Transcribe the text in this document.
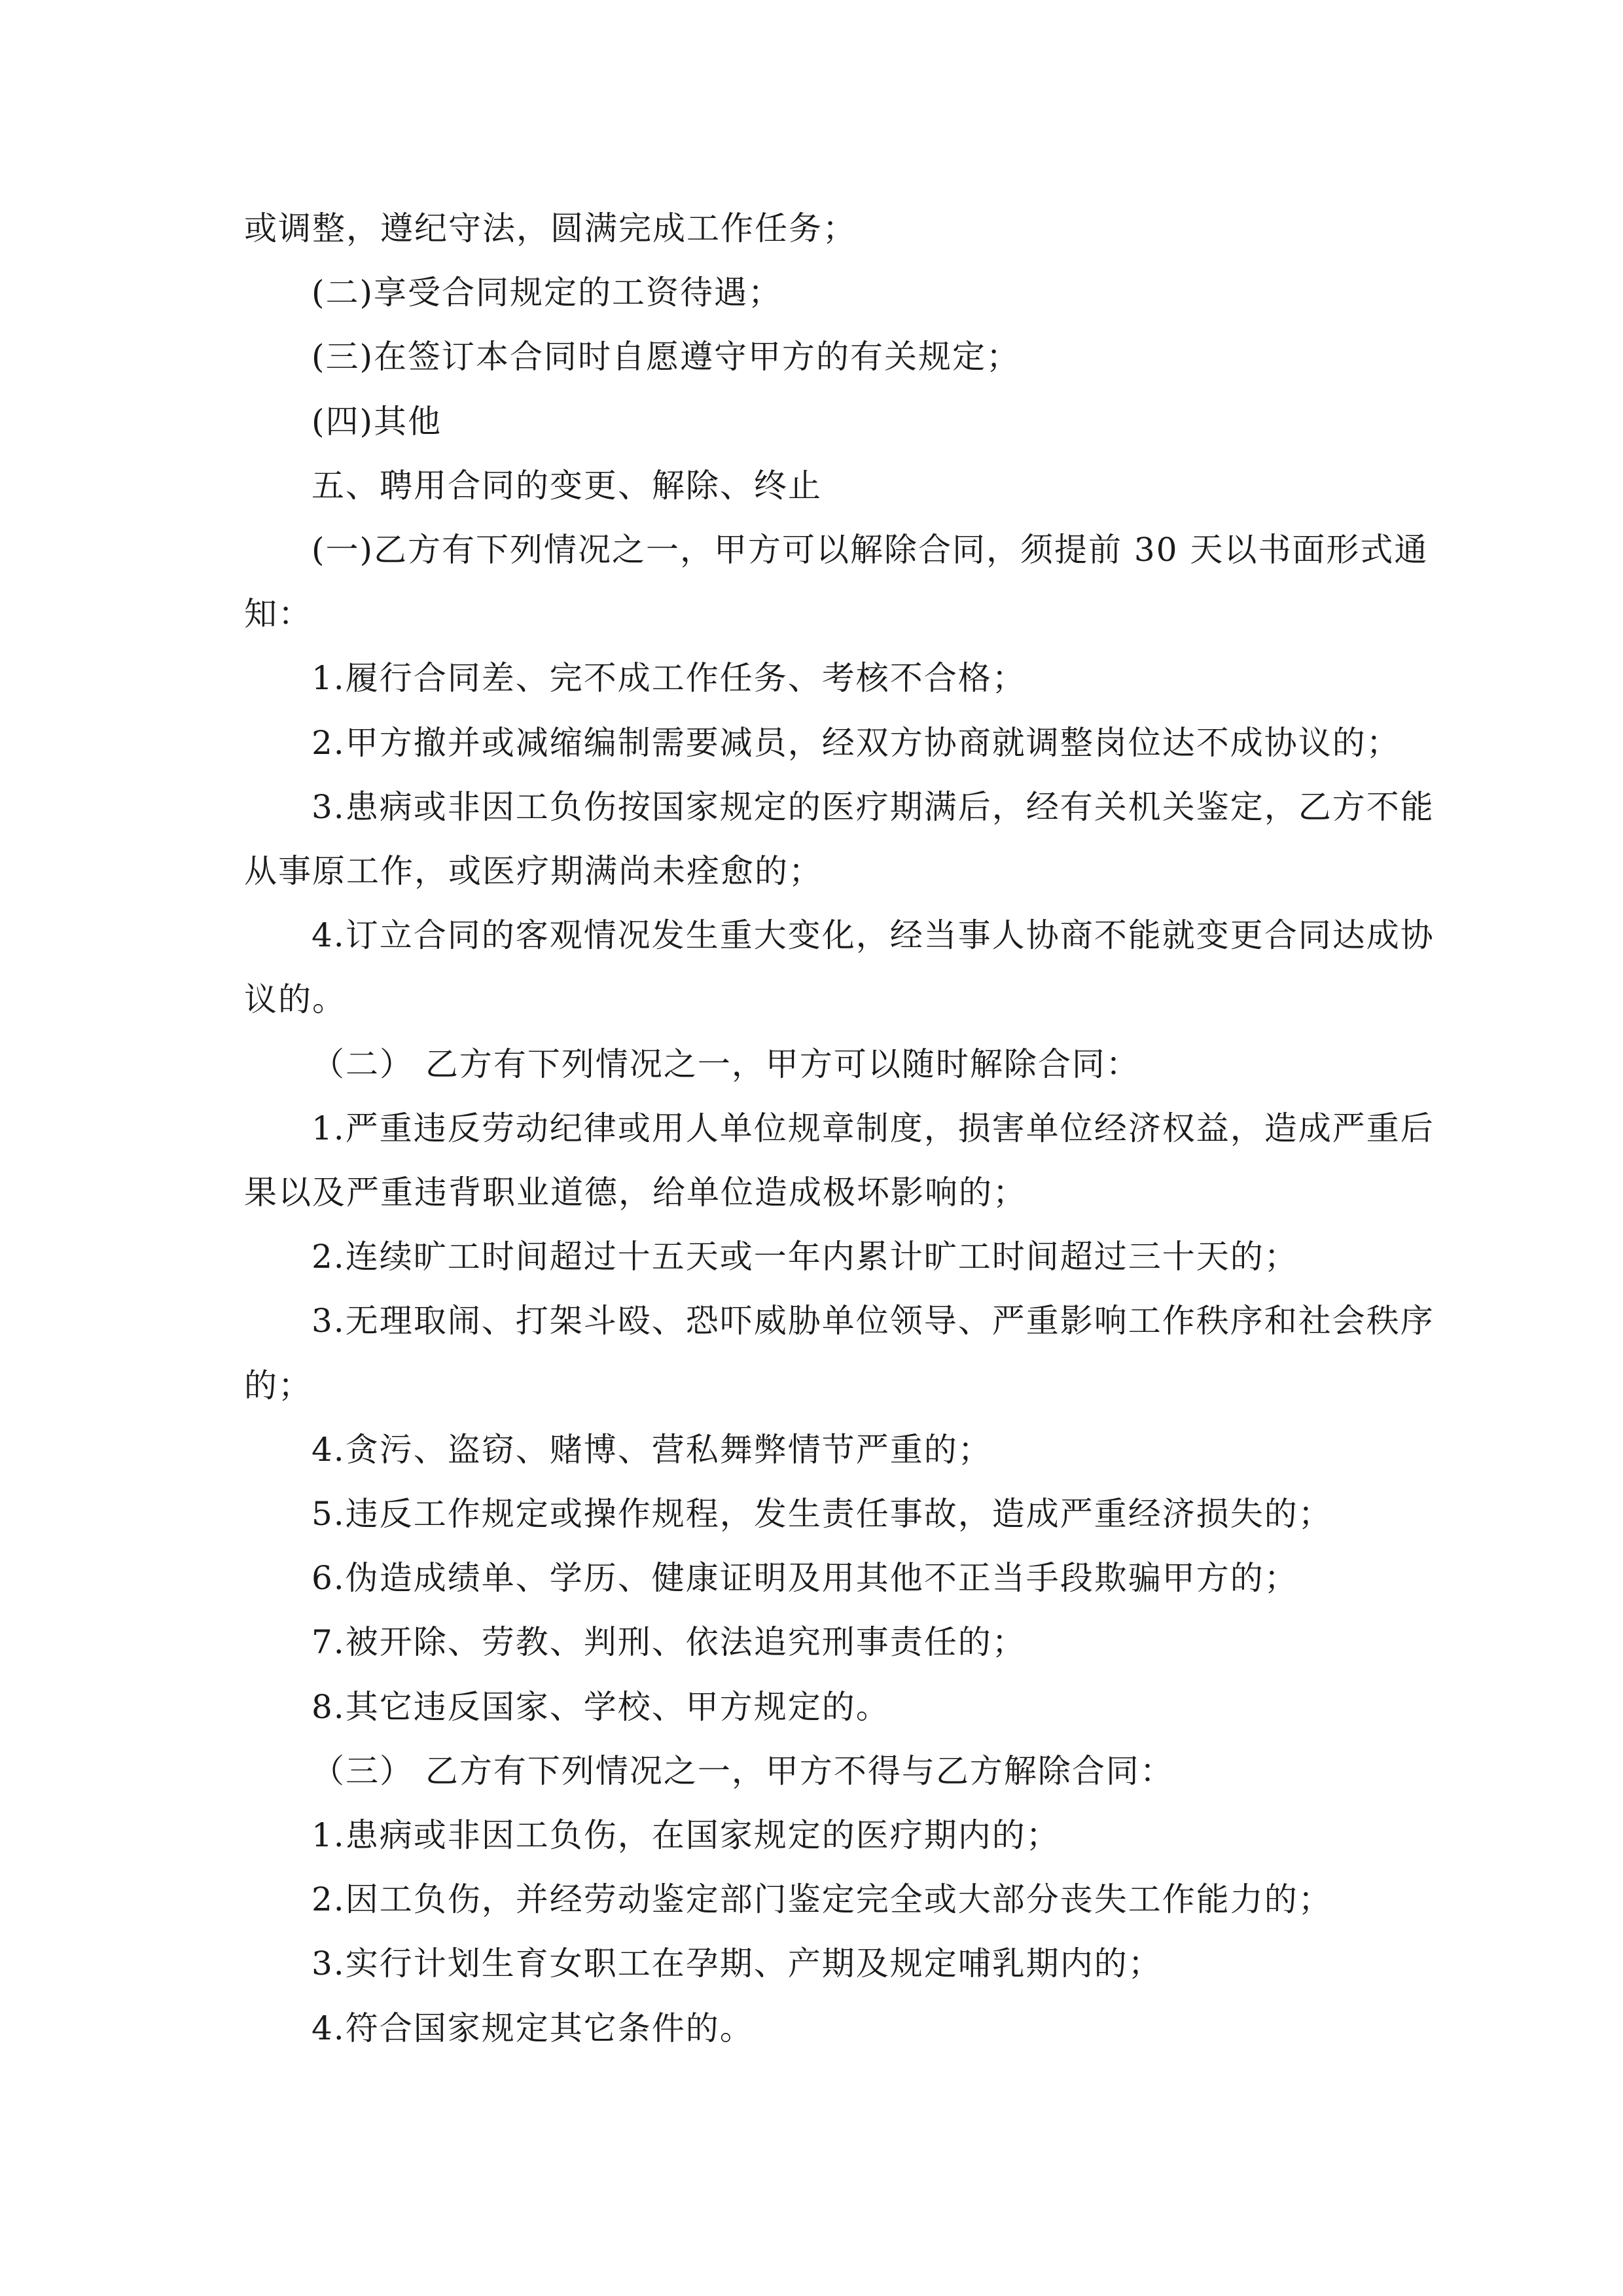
或调整，遵纪守法，圆满完成工作任务；

(二)享受合同规定的工资待遇；

(三)在签订本合同时自愿遵守甲方的有关规定；

(四)其他

五、聘用合同的变更、解除、终止

(一)乙方有下列情况之一，甲方可以解除合同，须提前 30 天以书面形式通

知：

1.履行合同差、完不成工作任务、考核不合格；

2.甲方撤并或减缩编制需要减员，经双方协商就调整岗位达不成协议的；

3.患病或非因工负伤按国家规定的医疗期满后，经有关机关鉴定，乙方不能

从事原工作，或医疗期满尚未痊愈的；

4.订立合同的客观情况发生重大变化，经当事人协商不能就变更合同达成协

议的。

（二） 乙方有下列情况之一，甲方可以随时解除合同：

1.严重违反劳动纪律或用人单位规章制度，损害单位经济权益，造成严重后

果以及严重违背职业道德，给单位造成极坏影响的；

2.连续旷工时间超过十五天或一年内累计旷工时间超过三十天的；

3.无理取闹、打架斗殴、恐吓威胁单位领导、严重影响工作秩序和社会秩序

的；

4.贪污、盗窃、赌博、营私舞弊情节严重的；

5.违反工作规定或操作规程，发生责任事故，造成严重经济损失的；

6.伪造成绩单、学历、健康证明及用其他不正当手段欺骗甲方的；

7.被开除、劳教、判刑、依法追究刑事责任的；

8.其它违反国家、学校、甲方规定的。

（三） 乙方有下列情况之一，甲方不得与乙方解除合同：

1.患病或非因工负伤，在国家规定的医疗期内的；

2.因工负伤，并经劳动鉴定部门鉴定完全或大部分丧失工作能力的；

3.实行计划生育女职工在孕期、产期及规定哺乳期内的；

4.符合国家规定其它条件的。
